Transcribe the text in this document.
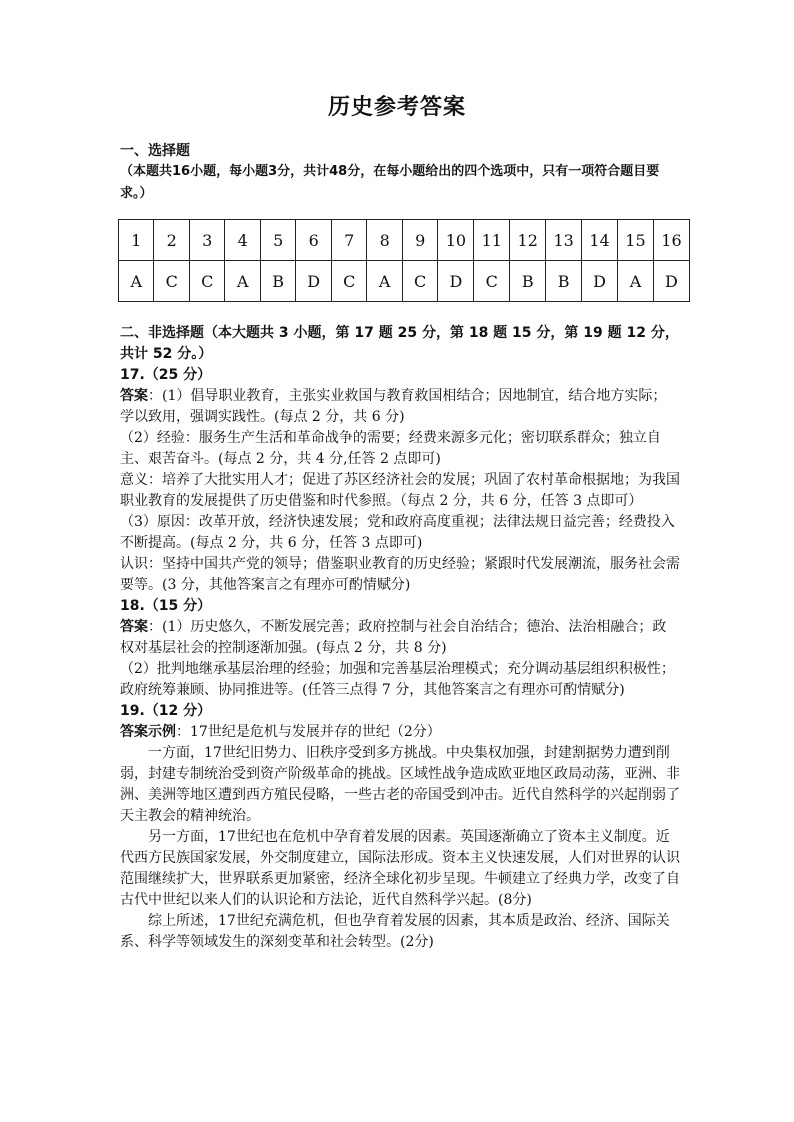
历史参考答案
一、选择题
（本题共16小题，每小题3分，共计48分，在每小题给出的四个选项中，只有一项符合题目要求。）
1	2	3	4	5	6	7	8	9	10	11	12	13	14	15	16
A	C	C	A	B	D	C	A	C	D	C	B	B	D	A	D

二、非选择题（本大题共 3 小题，第 17 题 25 分，第 18 题 15 分，第 19 题 12 分，共计 52 分。）

17.（25 分）

答案：(1）倡导职业教育，主张实业救国与教育救国相结合；因地制宜，结合地方实际；学以致用，强调实践性。(每点 2 分，共 6 分)

（2）经验：服务生产生活和革命战争的需要；经费来源多元化；密切联系群众；独立自主、艰苦奋斗。(每点 2 分，共 4 分,任答 2 点即可)

意义：培养了大批实用人才；促进了苏区经济社会的发展；巩固了农村革命根据地；为我国职业教育的发展提供了历史借鉴和时代参照。（每点 2 分，共 6 分，任答 3 点即可）

（3）原因：改革开放，经济快速发展；党和政府高度重视；法律法规日益完善；经费投入不断提高。(每点 2 分，共 6 分，任答 3 点即可)

认识：坚持中国共产党的领导；借鉴职业教育的历史经验；紧跟时代发展潮流，服务社会需要等。(3 分，其他答案言之有理亦可酌情赋分)

18.（15 分）

答案：(1）历史悠久，不断发展完善；政府控制与社会自治结合；德治、法治相融合；政权对基层社会的控制逐渐加强。(每点 2 分，共 8 分)

（2）批判地继承基层治理的经验；加强和完善基层治理模式；充分调动基层组织积极性；政府统筹兼顾、协同推进等。(任答三点得 7 分，其他答案言之有理亦可酌情赋分)

19.（12 分）

答案示例：17世纪是危机与发展并存的世纪（2分）

一方面，17世纪旧势力、旧秩序受到多方挑战。中央集权加强，封建割据势力遭到削弱，封建专制统治受到资产阶级革命的挑战。区域性战争造成欧亚地区政局动荡，亚洲、非洲、美洲等地区遭到西方殖民侵略，一些古老的帝国受到冲击。近代自然科学的兴起削弱了天主教会的精神统治。

另一方面，17世纪也在危机中孕育着发展的因素。英国逐渐确立了资本主义制度。近代西方民族国家发展，外交制度建立，国际法形成。资本主义快速发展，人们对世界的认识范围继续扩大，世界联系更加紧密，经济全球化初步呈现。牛顿建立了经典力学，改变了自古代中世纪以来人们的认识论和方法论，近代自然科学兴起。(8分)

综上所述，17世纪充满危机，但也孕育着发展的因素，其本质是政治、经济、国际关系、科学等领域发生的深刻变革和社会转型。(2分)
